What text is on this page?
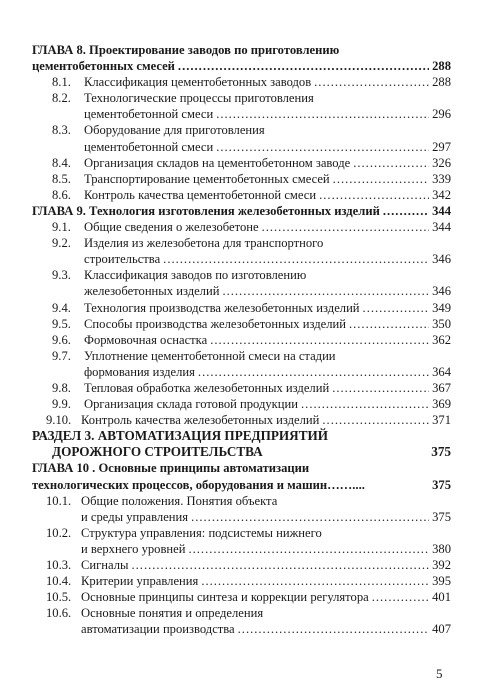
ГЛАВА 8. Проектирование заводов по приготовлению
цементобетонных смесей .....	288
8.1. Классификация цементобетонных заводов .....	288
8.2. Технологические процессы приготовления
цементобетонной смеси .....	296
8.3. Оборудование для приготовления
цементобетонной смеси .....	297
8.4. Организация складов на цементобетонном заводе .....	326
8.5. Транспортирование цементобетонных смесей .....	339
8.6. Контроль качества цементобетонной смеси .....	342
ГЛАВА 9. Технология изготовления железобетонных изделий .....	344
9.1. Общие сведения о железобетоне .....	344
9.2. Изделия из железобетона для транспортного
строительства .....	346
9.3. Классификация заводов по изготовлению
железобетонных изделий .....	346
9.4. Технология производства железобетонных изделий .....	349
9.5. Способы производства железобетонных изделий .....	350
9.6. Формовочная оснастка .....	362
9.7. Уплотнение цементобетонной смеси на стадии
формования изделия .....	364
9.8. Тепловая обработка железобетонных изделий .....	367
9.9. Организация склада готовой продукции .....	369
9.10. Контроль качества железобетонных изделий .....	371
РАЗДЕЛ 3. АВТОМАТИЗАЦИЯ ПРЕДПРИЯТИЙ
ДОРОЖНОГО СТРОИТЕЛЬСТВА	375
ГЛАВА 10 . Основные принципы автоматизации
технологических процессов, оборудования и машин……....	375
10.1. Общие положения. Понятия объекта
и среды управления .....	375
10.2. Структура управления: подсистемы нижнего
и верхнего уровней .....	380
10.3. Сигналы .....	392
10.4. Критерии управления .....	395
10.5. Основные принципы синтеза и коррекции регулятора .....	401
10.6. Основные понятия и определения
автоматизации производства .....	407
5
